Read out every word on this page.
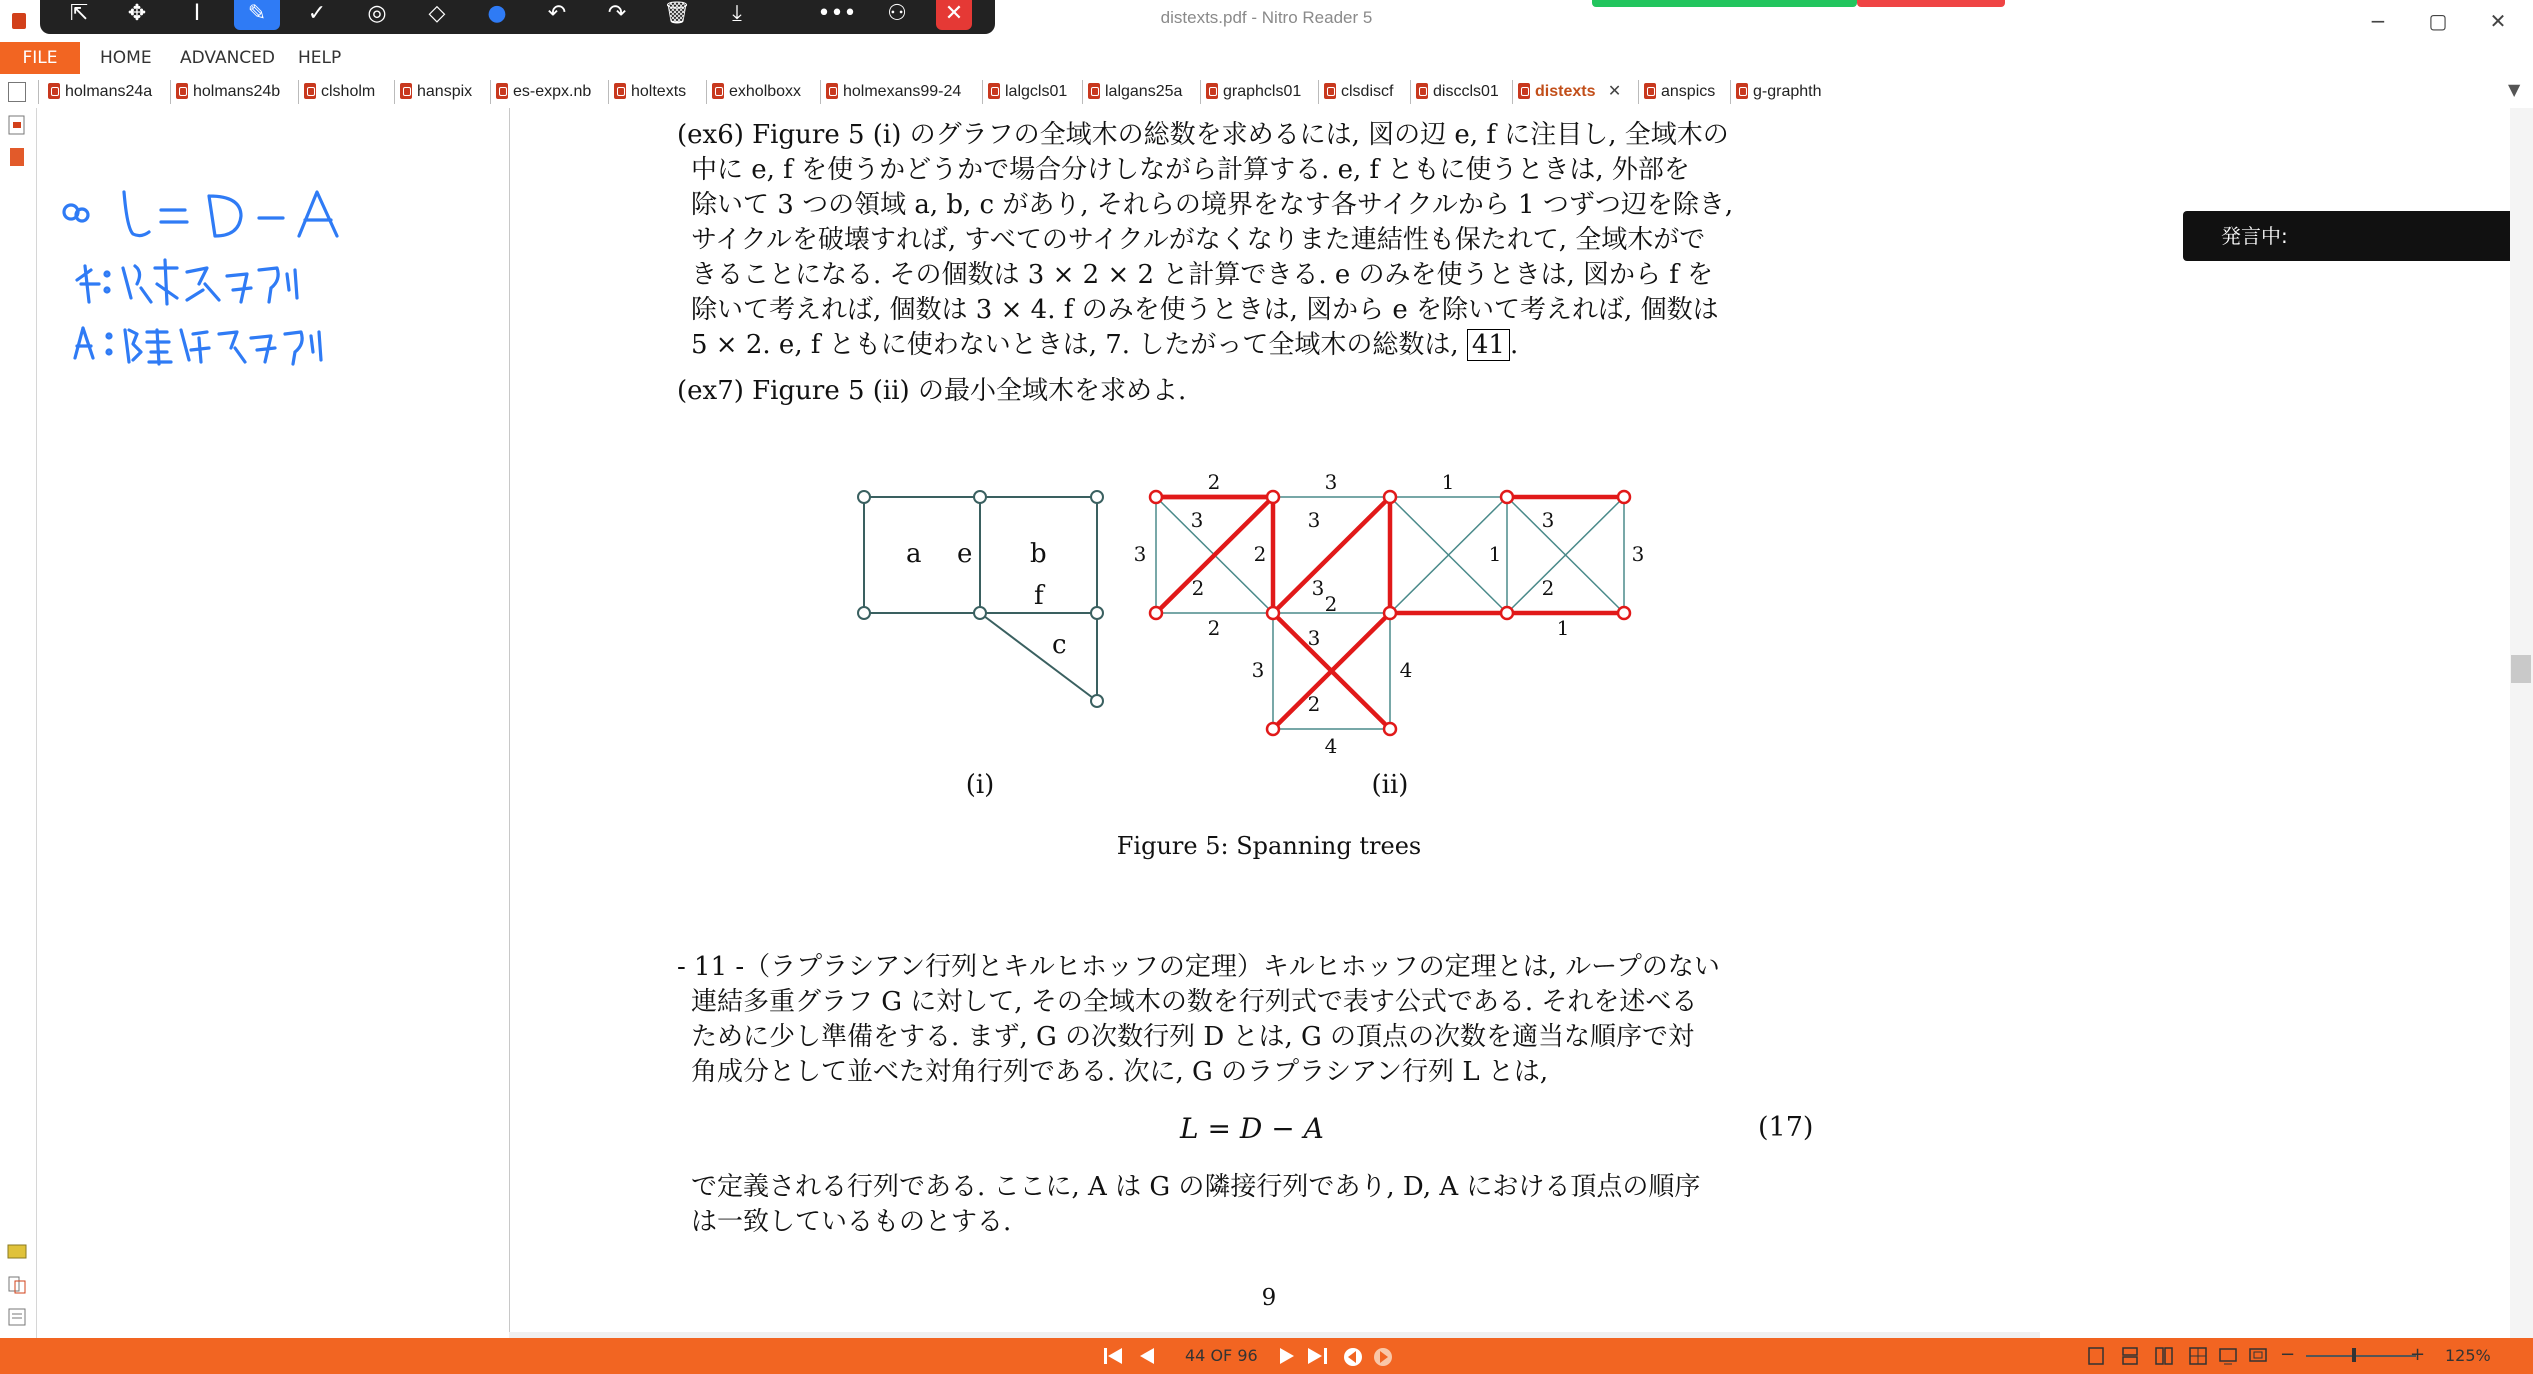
distexts.pdf - Nitro Reader 5	−	▢	✕
⇱	✥	I	✎	✓	◎	◇	●	↶	↷	🗑	⤓	•••	⚇	✕
FILE	HOME ADVANCED HELP
holmans24a	holmans24b	clsholm	hanspix	es-expx.nb	holtexts	exholboxx	holmexans99-24	lalgcls01	lalgans25a	graphcls01	clsdiscf	disccls01	distexts ✕	anspics	g-graphth	▼
(ex6) Figure 5 (i) のグラフの全域木の総数を求めるには, 図の辺 e, f に注目し, 全域木の
中に e, f を使うかどうかで場合分けしながら計算する. e, f ともに使うときは, 外部を
除いて 3 つの領域 a, b, c があり, それらの境界をなす各サイクルから 1 つずつ辺を除き,
サイクルを破壊すれば, すべてのサイクルがなくなりまた連結性も保たれて, 全域木がで
きることになる. その個数は 3 × 2 × 2 と計算できる. e のみを使うときは, 図から f を
除いて考えれば, 個数は 3 × 4. f のみを使うときは, 図から e を除いて考えれば, 個数は
5 × 2. e, f ともに使わないときは, 7. したがって全域木の総数は, 41 .
(ex7) Figure 5 (ii) の最小全域木を求めよ.
a e b
f
c
2	3	1
3	3	3
3
2
2	1
2
3
3
2	3
2
1
3	4
2
4
(i)	(ii)
Figure 5: Spanning trees
- 11 -（ラプラシアン行列とキルヒホッフの定理）キルヒホッフの定理とは, ループのない
連結多重グラフ G に対して, その全域木の数を行列式で表す公式である. それを述べる
ために少し準備をする. まず, G の次数行列 D とは, G の頂点の次数を適当な順序で対
角成分として並べた対角行列である. 次に, G のラプラシアン行列 L とは,
L = D − A	(17)
で定義される行列である. ここに, A は G の隣接行列であり, D, A における頂点の順序
は一致しているものとする.
9
発言中:
44 OF 96	−	+ 125%
